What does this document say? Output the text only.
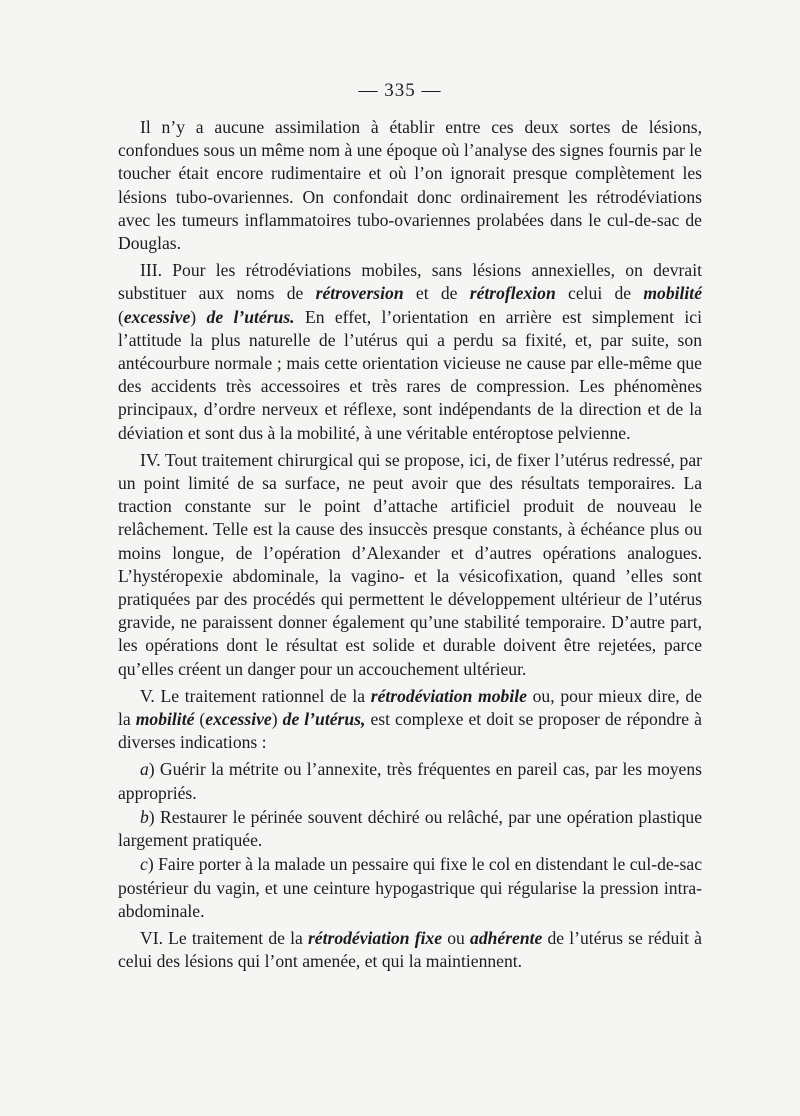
— 335 —

Il n’y a aucune assimilation à établir entre ces deux sortes de lésions, confondues sous un même nom à une époque où l’analyse des signes fournis par le toucher était encore rudimentaire et où l’on ignorait presque complètement les lésions tubo-ovariennes. On confondait donc ordinairement les rétrodéviations avec les tumeurs inflammatoires tubo-ovariennes prolabées dans le cul-de-sac de Douglas.

III. Pour les rétrodéviations mobiles, sans lésions annexielles, on devrait substituer aux noms de rétroversion et de rétroflexion celui de mobilité (excessive) de l’utérus. En effet, l’orientation en arrière est simplement ici l’attitude la plus naturelle de l’utérus qui a perdu sa fixité, et, par suite, son antécourbure normale ; mais cette orientation vicieuse ne cause par elle-même que des accidents très accessoires et très rares de compression. Les phénomènes principaux, d’ordre nerveux et réflexe, sont indépendants de la direction et de la déviation et sont dus à la mobilité, à une véritable entéroptose pelvienne.

IV. Tout traitement chirurgical qui se propose, ici, de fixer l’utérus redressé, par un point limité de sa surface, ne peut avoir que des résultats temporaires. La traction constante sur le point d’attache artificiel produit de nouveau le relâchement. Telle est la cause des insuccès presque constants, à échéance plus ou moins longue, de l’opération d’Alexander et d’autres opérations analogues. L’hystéropexie abdominale, la vagino- et la vésicofixation, quand ’elles sont pratiquées par des procédés qui permettent le développement ultérieur de l’utérus gravide, ne paraissent donner également qu’une stabilité temporaire. D’autre part, les opérations dont le résultat est solide et durable doivent être rejetées, parce qu’elles créent un danger pour un accouchement ultérieur.

V. Le traitement rationnel de la rétrodéviation mobile ou, pour mieux dire, de la mobilité (excessive) de l’utérus, est complexe et doit se proposer de répondre à diverses indications :

a) Guérir la métrite ou l’annexite, très fréquentes en pareil cas, par les moyens appropriés.

b) Restaurer le périnée souvent déchiré ou relâché, par une opération plastique largement pratiquée.

c) Faire porter à la malade un pessaire qui fixe le col en distendant le cul-de-sac postérieur du vagin, et une ceinture hypogastrique qui régularise la pression intra-abdominale.

VI. Le traitement de la rétrodéviation fixe ou adhérente de l’utérus se réduit à celui des lésions qui l’ont amenée, et qui la maintiennent.
